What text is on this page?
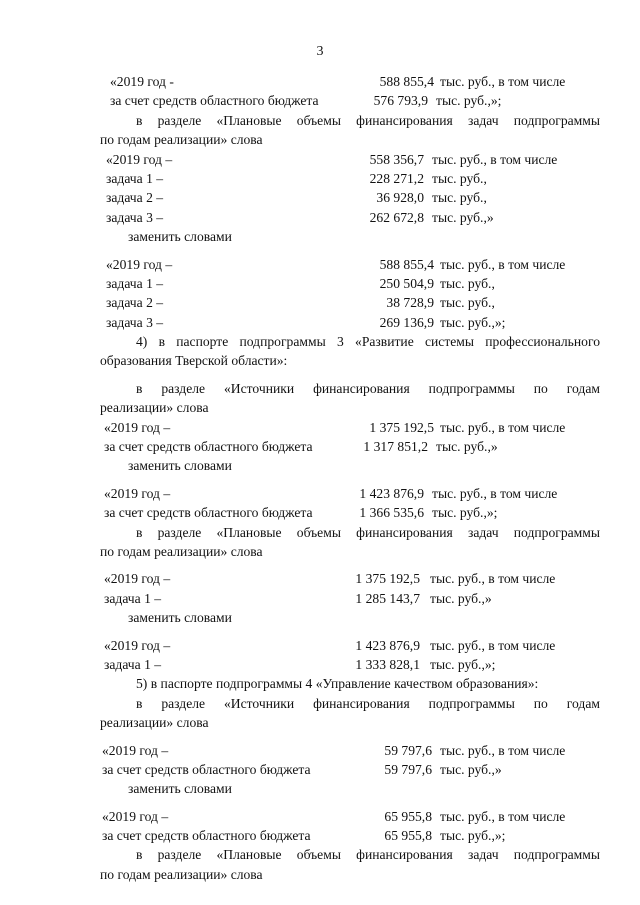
3
«2019 год -	588 855,4 тыс. руб., в том числе
за счет средств областного бюджета	576 793,9 тыс. руб.,»;
в разделе «Плановые объемы финансирования задач подпрограммы
по годам реализации» слова
«2019 год –	558 356,7 тыс. руб., в том числе
задача 1 –	228 271,2 тыс. руб.,
задача 2 –	36 928,0 тыс. руб.,
задача 3 –	262 672,8 тыс. руб.,»
заменить словами
«2019 год –	588 855,4 тыс. руб., в том числе
задача 1 –	250 504,9 тыс. руб.,
задача 2 –	38 728,9 тыс. руб.,
задача 3 –	269 136,9 тыс. руб.,»;
4) в паспорте подпрограммы 3 «Развитие системы профессионального
образования Тверской области»:
в разделе «Источники финансирования подпрограммы по годам
реализации» слова
«2019 год –	1 375 192,5 тыс. руб., в том числе
за счет средств областного бюджета	1 317 851,2 тыс. руб.,»
заменить словами
«2019 год –	1 423 876,9 тыс. руб., в том числе
за счет средств областного бюджета	1 366 535,6 тыс. руб.,»;
в разделе «Плановые объемы финансирования задач подпрограммы
по годам реализации» слова
«2019 год –	1 375 192,5 тыс. руб., в том числе
задача 1 –	1 285 143,7 тыс. руб.,»
заменить словами
«2019 год –	1 423 876,9 тыс. руб., в том числе
задача 1 –	1 333 828,1 тыс. руб.,»;
5) в паспорте подпрограммы 4 «Управление качеством образования»:
в разделе «Источники финансирования подпрограммы по годам
реализации» слова
«2019 год –	59 797,6 тыс. руб., в том числе
за счет средств областного бюджета	59 797,6 тыс. руб.,»
заменить словами
«2019 год –	65 955,8 тыс. руб., в том числе
за счет средств областного бюджета	65 955,8 тыс. руб.,»;
в разделе «Плановые объемы финансирования задач подпрограммы
по годам реализации» слова
